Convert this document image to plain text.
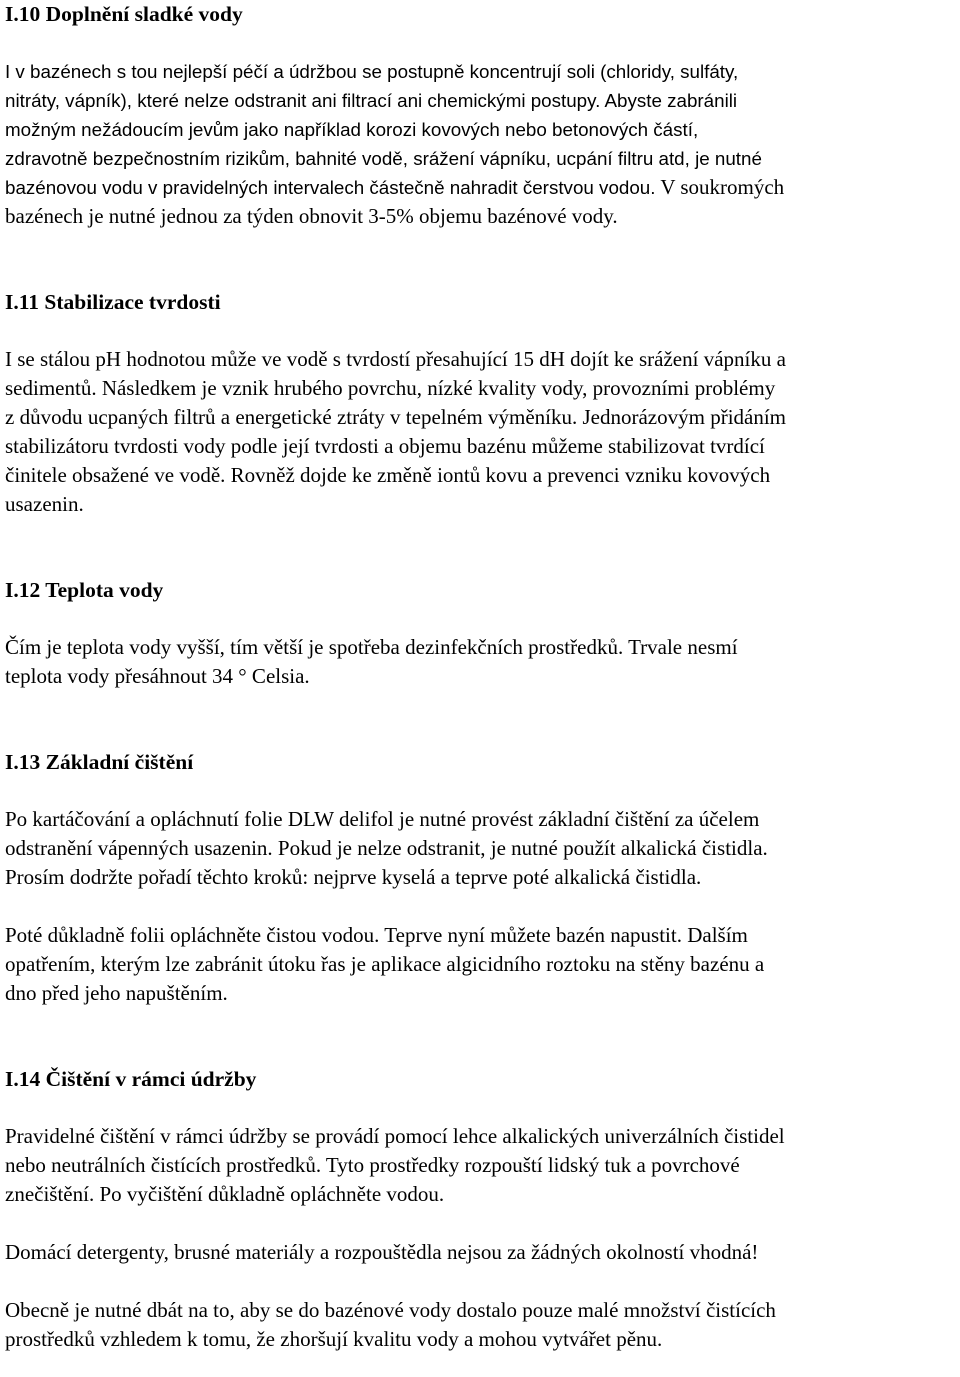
I.10 Doplnění sladké vody

I v bazénech s tou nejlepší péčí a údržbou se postupně koncentrují soli (chloridy, sulfáty,
nitráty, vápník), které nelze odstranit ani filtrací ani chemickými postupy. Abyste zabránili
možným nežádoucím jevům jako například korozi kovových nebo betonových částí,
zdravotně bezpečnostním rizikům, bahnité vodě, srážení vápníku, ucpání filtru atd, je nutné
bazénovou vodu v pravidelných intervalech částečně nahradit čerstvou vodou. V soukromých
bazénech je nutné jednou za týden obnovit 3-5% objemu bazénové vody.

I.11 Stabilizace tvrdosti

I se stálou pH hodnotou může ve vodě s tvrdostí přesahující 15 dH dojít ke srážení vápníku a
sedimentů. Následkem je vznik hrubého povrchu, nízké kvality vody, provozními problémy
z důvodu ucpaných filtrů a energetické ztráty v tepelném výměníku. Jednorázovým přidáním
stabilizátoru tvrdosti vody podle její tvrdosti a objemu bazénu můžeme stabilizovat tvrdící
činitele obsažené ve vodě. Rovněž dojde ke změně iontů kovu a prevenci vzniku kovových
usazenin.

I.12 Teplota vody

Čím je teplota vody vyšší, tím větší je spotřeba dezinfekčních prostředků. Trvale nesmí
teplota vody přesáhnout 34 ° Celsia.

I.13 Základní čištění

Po kartáčování a opláchnutí folie DLW delifol je nutné provést základní čištění za účelem
odstranění vápenných usazenin. Pokud je nelze odstranit, je nutné použít alkalická čistidla.
Prosím dodržte pořadí těchto kroků: nejprve kyselá a teprve poté alkalická čistidla.

Poté důkladně folii opláchněte čistou vodou. Teprve nyní můžete bazén napustit. Dalším
opatřením, kterým lze zabránit útoku řas je aplikace algicidního roztoku na stěny bazénu a
dno před jeho napuštěním.

I.14 Čištění v rámci údržby

Pravidelné čištění v rámci údržby se provádí pomocí lehce alkalických univerzálních čistidel
nebo neutrálních čistících prostředků. Tyto prostředky rozpouští lidský tuk a povrchové
znečištění. Po vyčištění důkladně opláchněte vodou.

Domácí detergenty, brusné materiály a rozpouštědla nejsou za žádných okolností vhodná!

Obecně je nutné dbát na to, aby se do bazénové vody dostalo pouze malé množství čistících
prostředků vzhledem k tomu, že zhoršují kvalitu vody a mohou vytvářet pěnu.
